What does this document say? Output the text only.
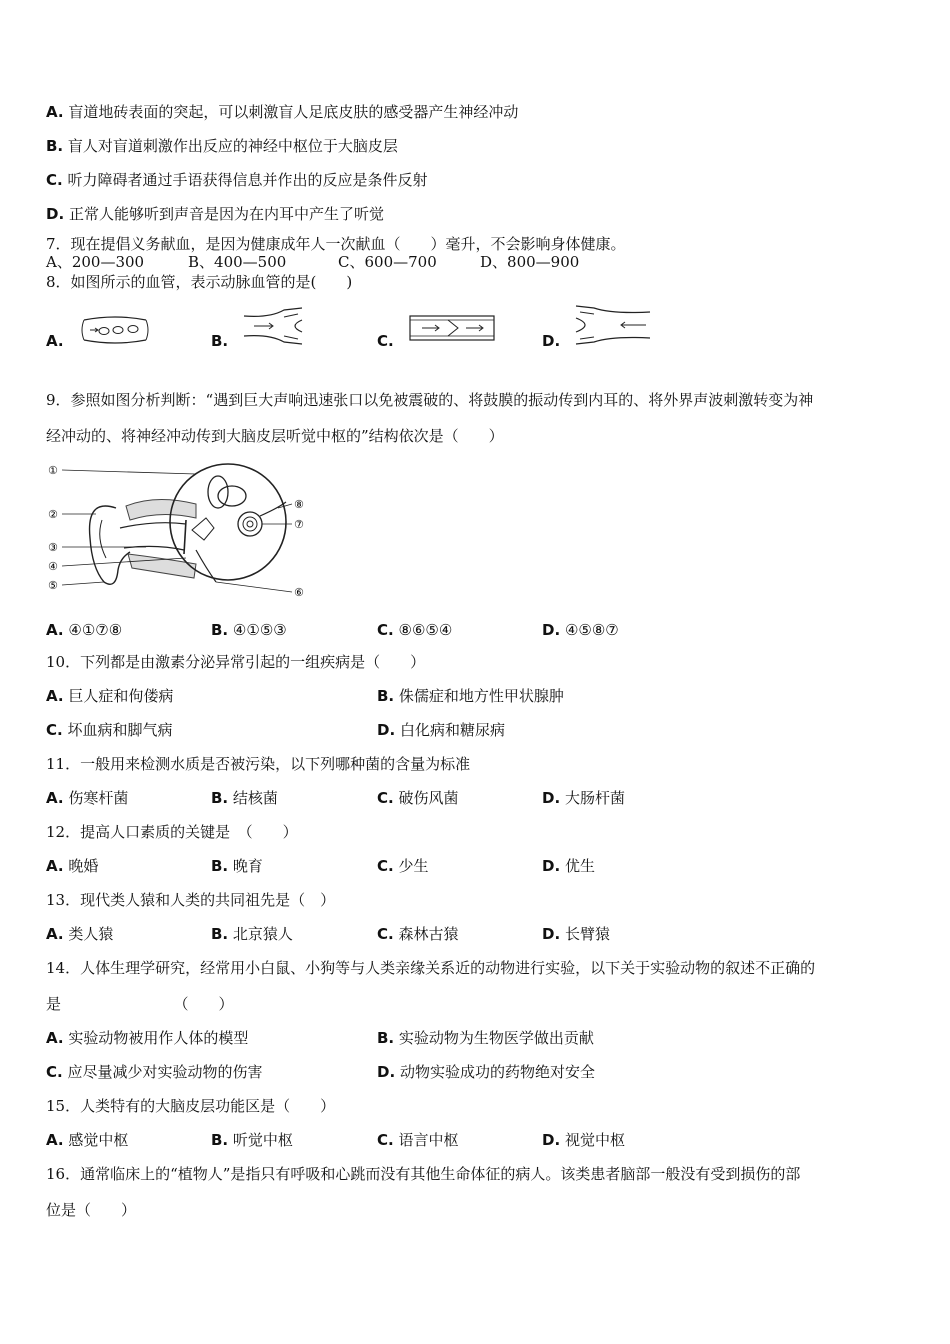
A. 盲道地砖表面的突起，可以刺激盲人足底皮肤的感受器产生神经冲动
B. 盲人对盲道刺激作出反应的神经中枢位于大脑皮层
C. 听力障碍者通过手语获得信息并作出的反应是条件反射
D. 正常人能够听到声音是因为在内耳中产生了听觉
7．现在提倡义务献血，是因为健康成年人一次献血（　　）毫升，不会影响身体健康。
A、200—300	B、400—500	C、600—700	D、800—900
8．如图所示的血管，表示动脉血管的是(　　)
A.	B.	C.	D.
9．参照如图分析判断：“遇到巨大声响迅速张口以免被震破的、将鼓膜的振动传到内耳的、将外界声波刺激转变为神
经冲动的、将神经冲动传到大脑皮层听觉中枢的”结构依次是（　　）
①
②
③
④
⑤
⑥
⑦
⑧
A. ④①⑦⑧	B. ④①⑤③	C. ⑧⑥⑤④	D. ④⑤⑧⑦
10．下列都是由激素分泌异常引起的一组疾病是（　　）
A. 巨人症和佝偻病	B. 侏儒症和地方性甲状腺肿
C. 坏血病和脚气病	D. 白化病和糖尿病
11．一般用来检测水质是否被污染，以下列哪种菌的含量为标准
A. 伤寒杆菌	B. 结核菌	C. 破伤风菌	D. 大肠杆菌
12．提高人口素质的关键是　（　　）
A. 晚婚	B. 晚育	C. 少生	D. 优生
13．现代类人猿和人类的共同祖先是（　）
A. 类人猿	B. 北京猿人	C. 森林古猿	D. 长臂猿
14．人体生理学研究，经常用小白鼠、小狗等与人类亲缘关系近的动物进行实验，以下关于实验动物的叙述不正确的
是　　　　　　　　（　　）
A. 实验动物被用作人体的模型	B. 实验动物为生物医学做出贡献
C. 应尽量减少对实验动物的伤害	D. 动物实验成功的药物绝对安全
15．人类特有的大脑皮层功能区是（　　）
A. 感觉中枢	B. 听觉中枢	C. 语言中枢	D. 视觉中枢
16．通常临床上的“植物人”是指只有呼吸和心跳而没有其他生命体征的病人。该类患者脑部一般没有受到损伤的部
位是（　　）
